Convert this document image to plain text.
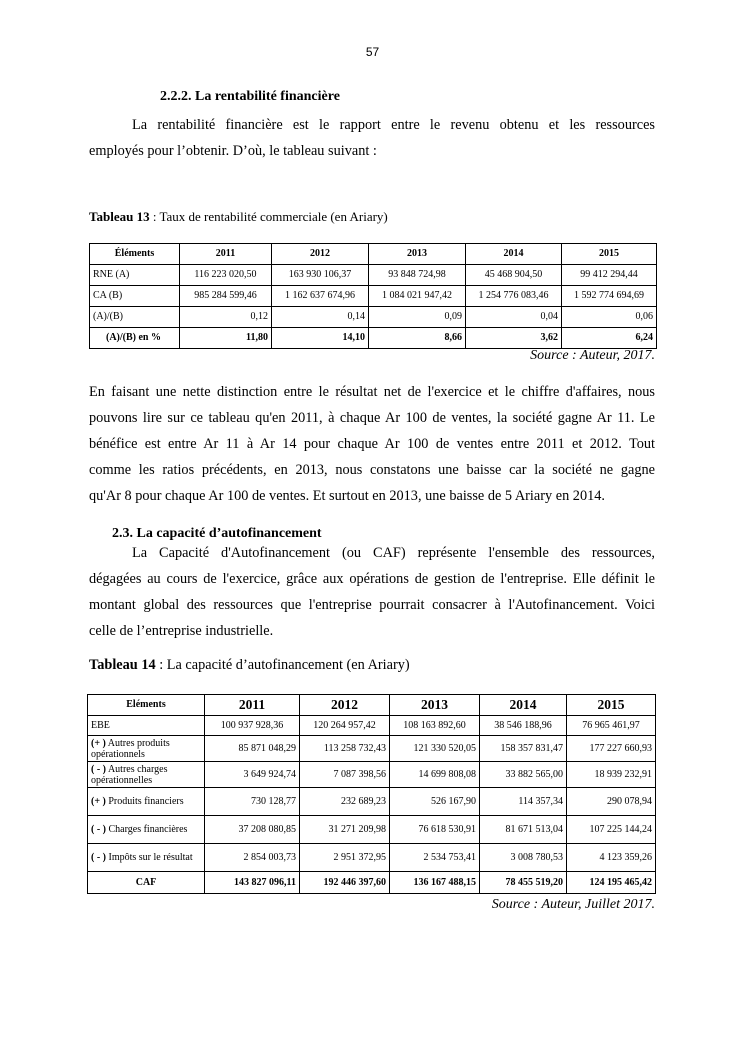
57
2.2.2. La rentabilité financière
La rentabilité financière est le rapport entre le revenu obtenu et les ressources
employés pour l’obtenir. D’où, le tableau suivant :
Tableau 13 : Taux de rentabilité commerciale (en Ariary)
Éléments	2011	2012	2013	2014	2015
RNE (A)	116 223 020,50	163 930 106,37	93 848 724,98	45 468 904,50	99 412 294,44
CA (B)	985 284 599,46	1 162 637 674,96	1 084 021 947,42	1 254 776 083,46	1 592 774 694,69
(A)/(B)	0,12	0,14	0,09	0,04	0,06
(A)/(B) en %	11,80	14,10	8,66	3,62	6,24
Source : Auteur, 2017.
En faisant une nette distinction entre le résultat net de l'exercice et le chiffre d'affaires, nous
pouvons lire sur ce tableau qu'en 2011, à chaque Ar 100 de ventes, la société gagne Ar 11. Le
bénéfice est entre Ar 11 à Ar 14 pour chaque Ar 100 de ventes entre 2011 et 2012. Tout
comme les ratios précédents, en 2013, nous constatons une baisse car la société ne gagne
qu'Ar 8 pour chaque Ar 100 de ventes. Et surtout en 2013, une baisse de 5 Ariary en 2014.
2.3. La capacité d’autofinancement
La Capacité d'Autofinancement (ou CAF) représente l'ensemble des ressources,
dégagées au cours de l'exercice, grâce aux opérations de gestion de l'entreprise. Elle définit le
montant global des ressources que l'entreprise pourrait consacrer à l'Autofinancement. Voici
celle de l’entreprise industrielle.
Tableau 14 : La capacité d’autofinancement (en Ariary)
Eléments	2011	2012	2013	2014	2015
EBE	100 937 928,36	120 264 957,42	108 163 892,60	38 546 188,96	76 965 461,97
(+ ) Autres produits opérationnels	85 871 048,29	113 258 732,43	121 330 520,05	158 357 831,47	177 227 660,93
( - ) Autres charges opérationnelles	3 649 924,74	7 087 398,56	14 699 808,08	33 882 565,00	18 939 232,91
(+ ) Produits financiers	730 128,77	232 689,23	526 167,90	114 357,34	290 078,94
( - ) Charges financières	37 208 080,85	31 271 209,98	76 618 530,91	81 671 513,04	107 225 144,24
( - ) Impôts sur le résultat	2 854 003,73	2 951 372,95	2 534 753,41	3 008 780,53	4 123 359,26
CAF	143 827 096,11	192 446 397,60	136 167 488,15	78 455 519,20	124 195 465,42
Source : Auteur, Juillet 2017.
